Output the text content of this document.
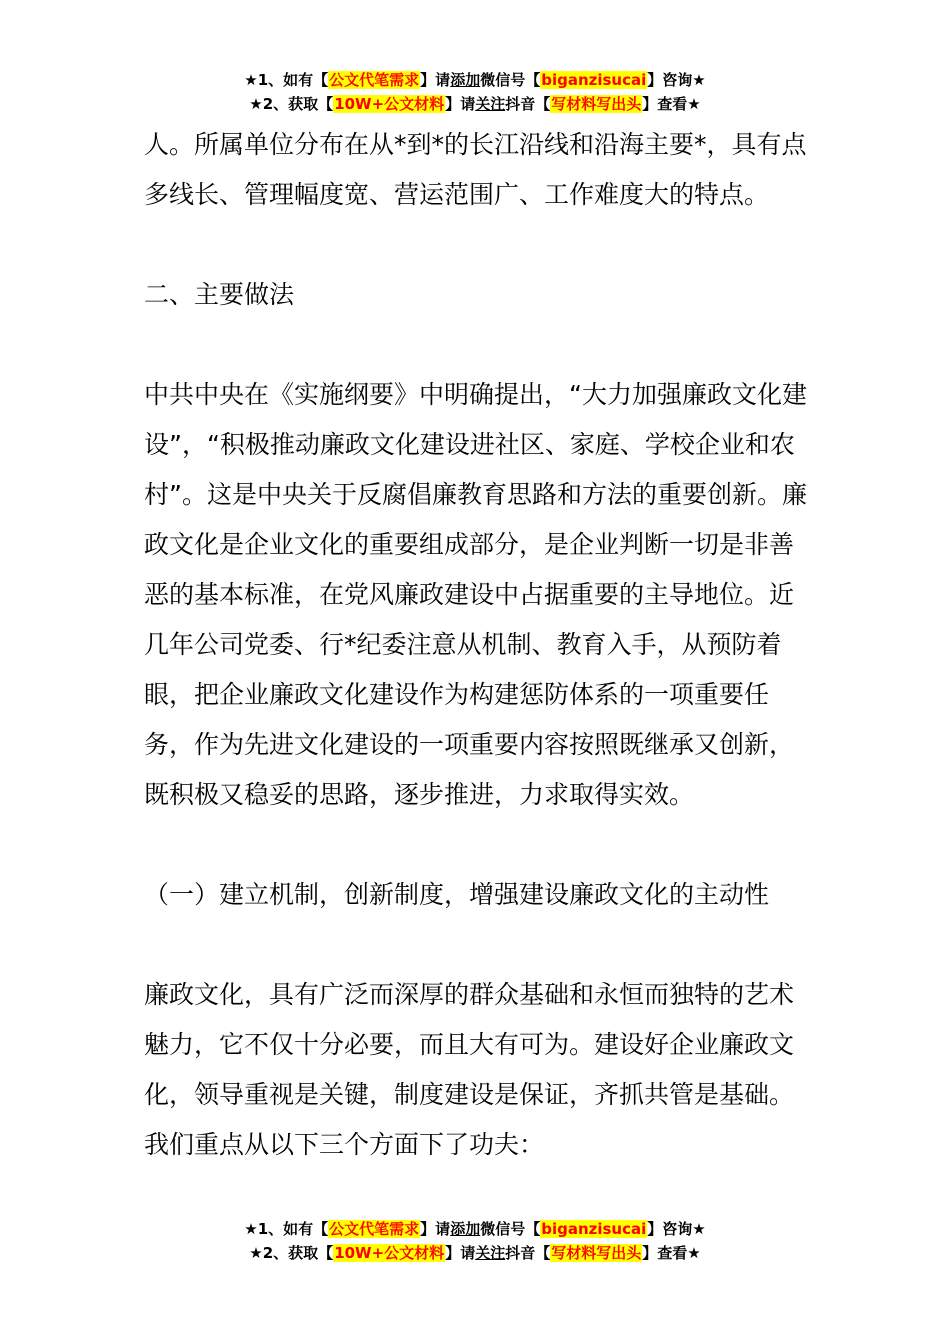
★1、如有【公文代笔需求】请添加微信号【biganzisucai】咨询★
★2、获取【10W+公文材料】请关注抖音【写材料写出头】查看★

人。所属单位分布在从*到*的长江沿线和沿海主要*，具有点多线长、管理幅度宽、营运范围广、工作难度大的特点。

二、主要做法

中共中央在《实施纲要》中明确提出，“大力加强廉政文化建设”，“积极推动廉政文化建设进社区、家庭、学校企业和农村”。这是中央关于反腐倡廉教育思路和方法的重要创新。廉政文化是企业文化的重要组成部分，是企业判断一切是非善恶的基本标准，在党风廉政建设中占据重要的主导地位。近几年公司党委、行*纪委注意从机制、教育入手，从预防着眼，把企业廉政文化建设作为构建惩防体系的一项重要任务，作为先进文化建设的一项重要内容按照既继承又创新，既积极又稳妥的思路，逐步推进，力求取得实效。

（一）建立机制，创新制度，增强建设廉政文化的主动性

廉政文化，具有广泛而深厚的群众基础和永恒而独特的艺术魅力，它不仅十分必要，而且大有可为。建设好企业廉政文化，领导重视是关键，制度建设是保证，齐抓共管是基础。我们重点从以下三个方面下了功夫：

★1、如有【公文代笔需求】请添加微信号【biganzisucai】咨询★
★2、获取【10W+公文材料】请关注抖音【写材料写出头】查看★
